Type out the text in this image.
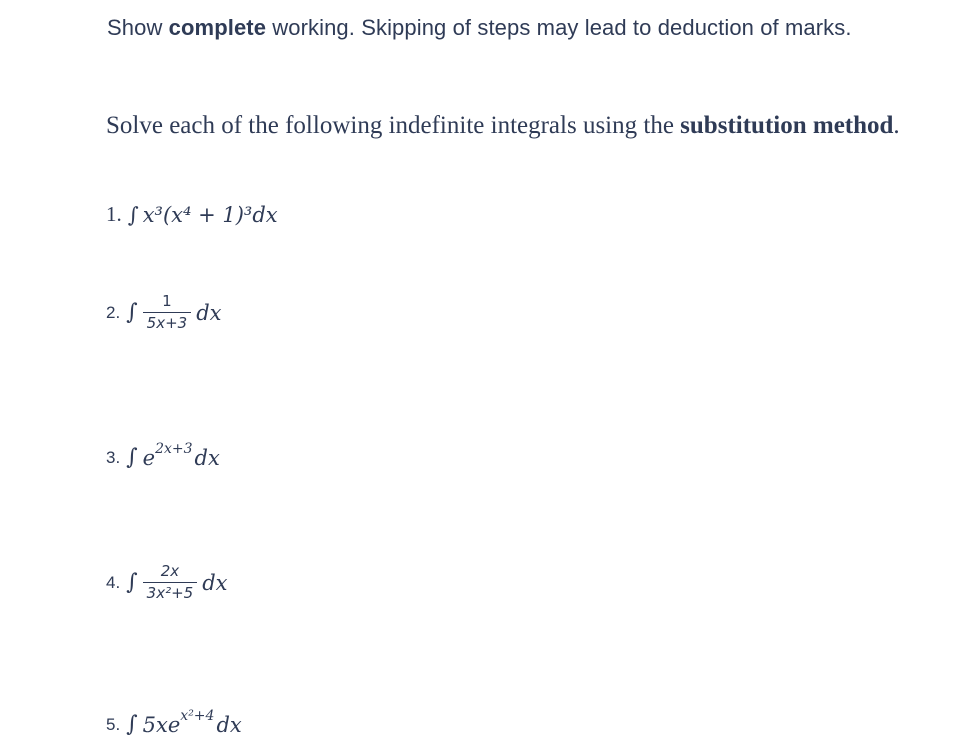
Show complete working. Skipping of steps may lead to deduction of marks.
Solve each of the following indefinite integrals using the substitution method.
1. ∫ x³(x⁴ + 1)³dx
2. ∫ $\frac{1}{5x+3}$ dx
3. ∫ e 2x+3 dx
4. ∫ $\frac{2x}{\text{3x²+5}}$ dx
5. ∫ 5xe x²+4 dx
